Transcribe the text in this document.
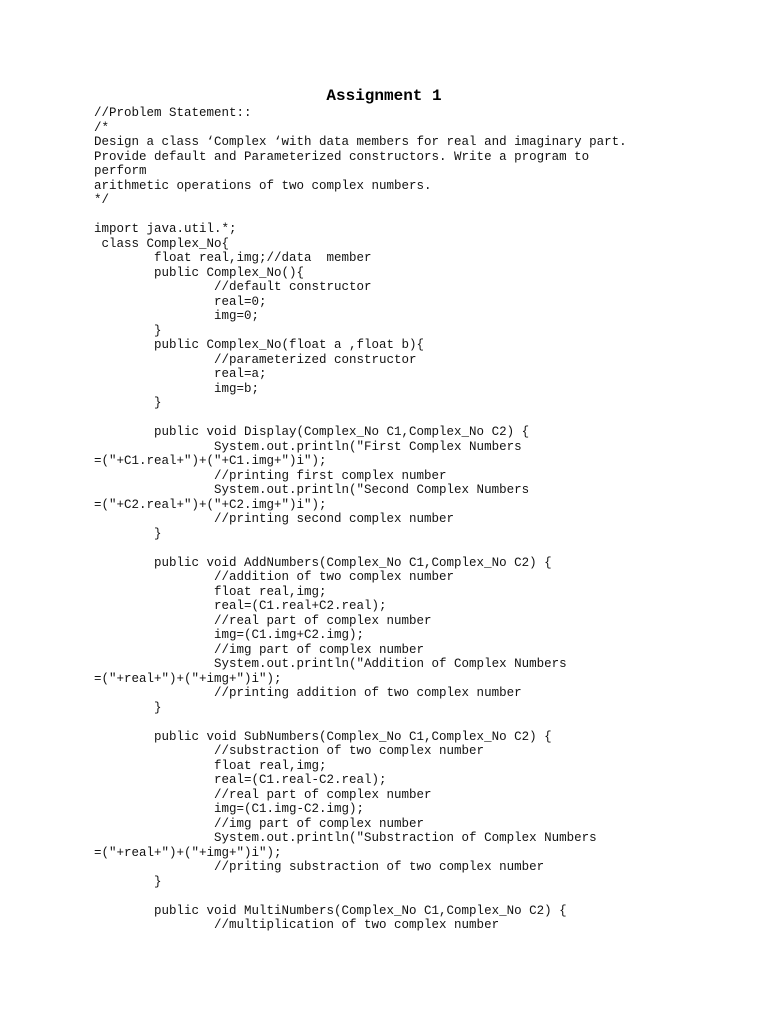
Assignment 1
//Problem Statement::
/*
Design a class ‘Complex ‘with data members for real and imaginary part.
Provide default and Parameterized constructors. Write a program to
perform
arithmetic operations of two complex numbers.
*/

import java.util.*;
class Complex_No{
float real,img;//data  member
public Complex_No(){
//default constructor
real=0;
img=0;
}
public Complex_No(float a ,float b){
//parameterized constructor
real=a;
img=b;
}

public void Display(Complex_No C1,Complex_No C2) {
System.out.println("First Complex Numbers
=("+C1.real+")+("+C1.img+")i");
//printing first complex number
System.out.println("Second Complex Numbers
=("+C2.real+")+("+C2.img+")i");
//printing second complex number
}

public void AddNumbers(Complex_No C1,Complex_No C2) {
//addition of two complex number
float real,img;
real=(C1.real+C2.real);
//real part of complex number
img=(C1.img+C2.img);
//img part of complex number
System.out.println("Addition of Complex Numbers
=("+real+")+("+img+")i");
//printing addition of two complex number
}

public void SubNumbers(Complex_No C1,Complex_No C2) {
//substraction of two complex number
float real,img;
real=(C1.real-C2.real);
//real part of complex number
img=(C1.img-C2.img);
//img part of complex number
System.out.println("Substraction of Complex Numbers
=("+real+")+("+img+")i");
//priting substraction of two complex number
}

public void MultiNumbers(Complex_No C1,Complex_No C2) {
//multiplication of two complex number
